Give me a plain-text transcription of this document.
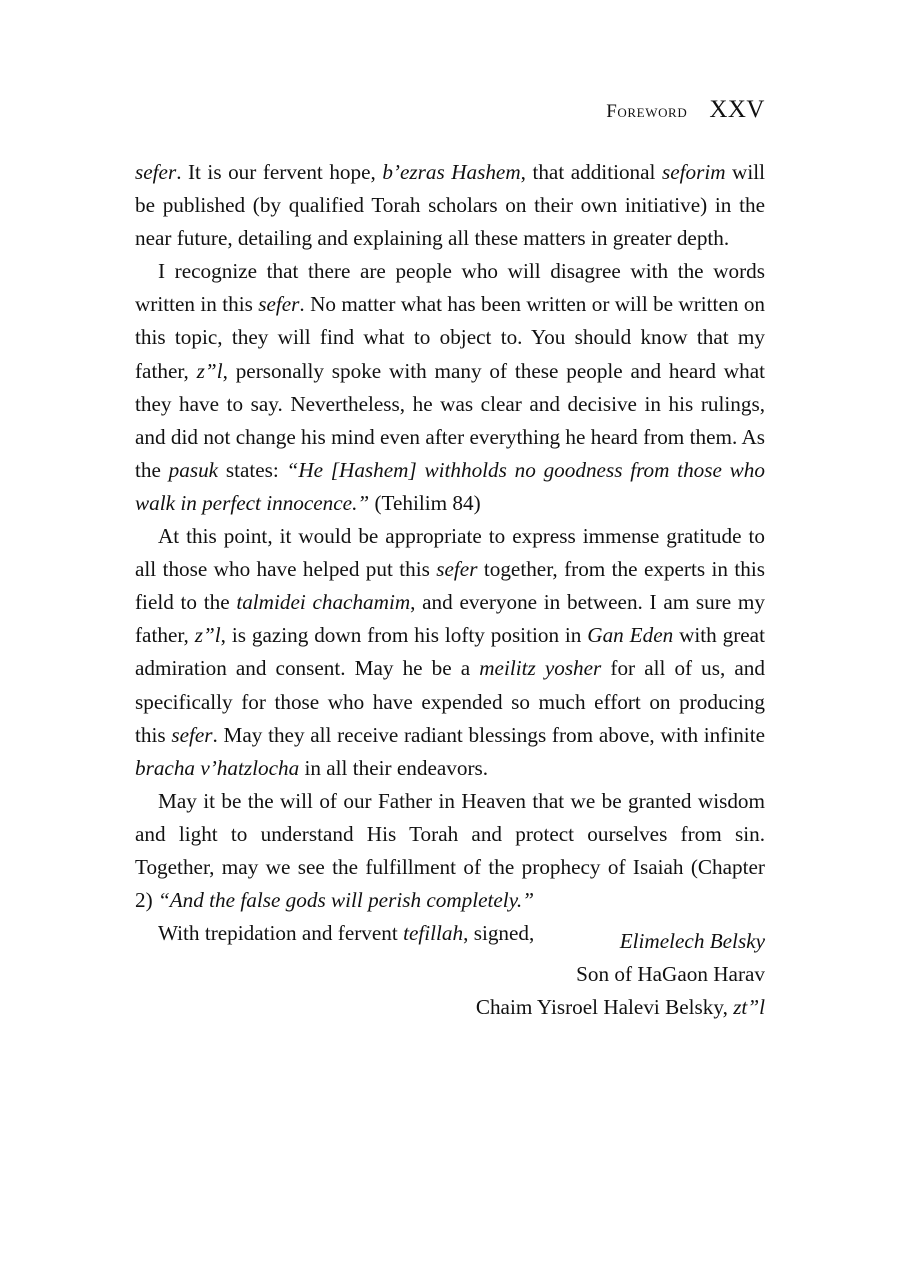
Foreword XXV

sefer. It is our fervent hope, b’ezras Hashem, that additional seforim will be published (by qualified Torah scholars on their own initiative) in the near future, detailing and explaining all these matters in greater depth.

I recognize that there are people who will disagree with the words written in this sefer. No matter what has been written or will be written on this topic, they will find what to object to. You should know that my father, z”l, personally spoke with many of these people and heard what they have to say. Nevertheless, he was clear and decisive in his rulings, and did not change his mind even after everything he heard from them. As the pasuk states: “He [Hashem] withholds no goodness from those who walk in perfect innocence.” (Tehilim 84)

At this point, it would be appropriate to express immense gratitude to all those who have helped put this sefer together, from the experts in this field to the talmidei chachamim, and everyone in between. I am sure my father, z”l, is gazing down from his lofty position in Gan Eden with great admiration and consent. May he be a meilitz yosher for all of us, and specifically for those who have expended so much effort on producing this sefer. May they all receive radiant blessings from above, with infinite bracha v’hatzlocha in all their endeavors.

May it be the will of our Father in Heaven that we be granted wisdom and light to understand His Torah and protect ourselves from sin. Together, may we see the fulfillment of the prophecy of Isaiah (Chapter 2) “And the false gods will perish completely.”

With trepidation and fervent tefillah, signed,	Elimelech Belsky
Son of HaGaon Harav
Chaim Yisroel Halevi Belsky, zt”l
